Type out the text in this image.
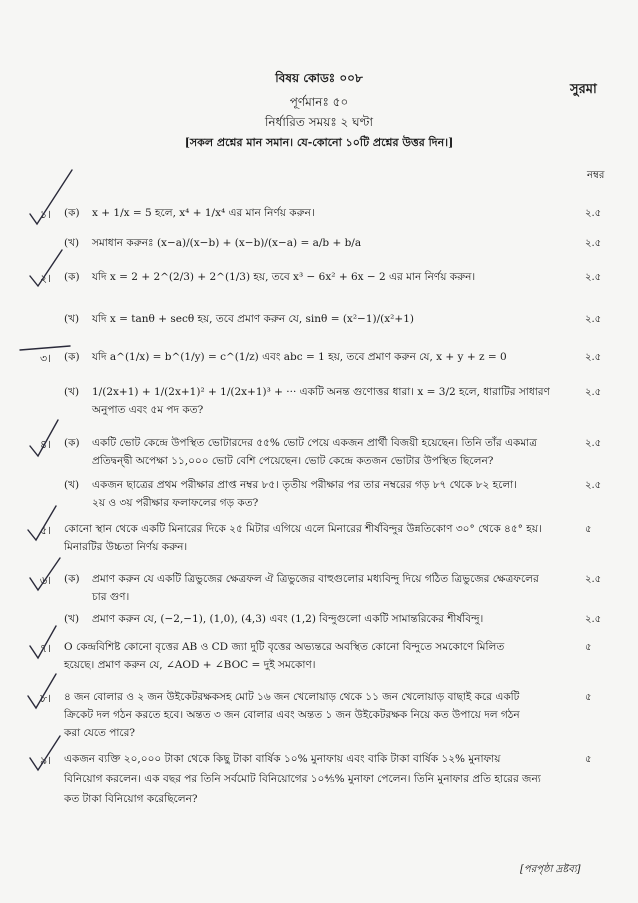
বিষয় কোডঃ ০০৮
পূর্ণমানঃ ৫০
নির্ধারিত সময়ঃ ২ ঘণ্টা
[সকল প্রশ্নের মান সমান। যে-কোনো ১০টি প্রশ্নের উত্তর দিন।]
সুরমা
নম্বর
১। (ক) x + 1/x = 5 হলে, x⁴ + 1/x⁴ এর মান নির্ণয় করুন।	২.৫
(খ) সমাধান করুনঃ (x−a)/(x−b) + (x−b)/(x−a) = a/b + b/a	২.৫
২। (ক) যদি x = 2 + 2^(2/3) + 2^(1/3) হয়, তবে x³ − 6x² + 6x − 2 এর মান নির্ণয় করুন।	২.৫
(খ) যদি x = tanθ + secθ হয়, তবে প্রমাণ করুন যে, sinθ = (x²−1)/(x²+1)	২.৫
৩। (ক) যদি a^(1/x) = b^(1/y) = c^(1/z) এবং abc = 1 হয়, তবে প্রমাণ করুন যে, x + y + z = 0	২.৫
(খ) 1/(2x+1) + 1/(2x+1)² + 1/(2x+1)³ + ··· একটি অনন্ত গুণোত্তর ধারা। x = 3/2 হলে, ধারাটির সাধারণ
অনুপাত এবং ৫ম পদ কত?
২.৫
৪। (ক) একটি ভোট কেন্দ্রে উপস্থিত ভোটারদের ৫৫% ভোট পেয়ে একজন প্রার্থী বিজয়ী হয়েছেন। তিনি তাঁর একমাত্র
প্রতিদ্বন্দ্বী অপেক্ষা ১১,০০০ ভোট বেশি পেয়েছেন। ভোট কেন্দ্রে কতজন ভোটার উপস্থিত ছিলেন?
২.৫
(খ) একজন ছাত্রের প্রথম পরীক্ষার প্রাপ্ত নম্বর ৮৫। তৃতীয় পরীক্ষার পর তার নম্বরের গড় ৮৭ থেকে ৮২ হলো।
২য় ও ৩য় পরীক্ষার ফলাফলের গড় কত?
২.৫
৫। কোনো স্থান থেকে একটি মিনারের দিকে ২৫ মিটার এগিয়ে এলে মিনারের শীর্ষবিন্দুর উন্নতিকোণ ৩০° থেকে ৪৫° হয়।
মিনারটির উচ্চতা নির্ণয় করুন।
৫
৬। (ক) প্রমাণ করুন যে একটি ত্রিভুজের ক্ষেত্রফল ঐ ত্রিভুজের বাহুগুলোর মধ্যবিন্দু দিয়ে গঠিত ত্রিভুজের ক্ষেত্রফলের
চার গুণ।
২.৫
(খ) প্রমাণ করুন যে, (−2,−1), (1,0), (4,3) এবং (1,2) বিন্দুগুলো একটি সামান্তরিকের শীর্ষবিন্দু।	২.৫
৭। O কেন্দ্রবিশিষ্ট কোনো বৃত্তের AB ও CD জ্যা দুটি বৃত্তের অভ্যন্তরে অবস্থিত কোনো বিন্দুতে সমকোণে মিলিত
হয়েছে। প্রমাণ করুন যে, ∠AOD + ∠BOC = দুই সমকোণ।
৫
৮। ৪ জন বোলার ও ২ জন উইকেটরক্ষকসহ মোট ১৬ জন খেলোয়াড় থেকে ১১ জন খেলোয়াড় বাছাই করে একটি
ক্রিকেট দল গঠন করতে হবে। অন্তত ৩ জন বোলার এবং অন্তত ১ জন উইকেটরক্ষক নিয়ে কত উপায়ে দল গঠন
করা যেতে পারে?
৫
৯। একজন ব্যক্তি ২০,০০০ টাকা থেকে কিছু টাকা বার্ষিক ১০% মুনাফায় এবং বাকি টাকা বার্ষিক ১২% মুনাফায়
বিনিয়োগ করলেন। এক বছর পর তিনি সর্বমোট বিনিয়োগের ১০⅘% মুনাফা পেলেন। তিনি মুনাফার প্রতি হারের জন্য
কত টাকা বিনিয়োগ করেছিলেন?
৫
[পরপৃষ্ঠা দ্রষ্টব্য]
